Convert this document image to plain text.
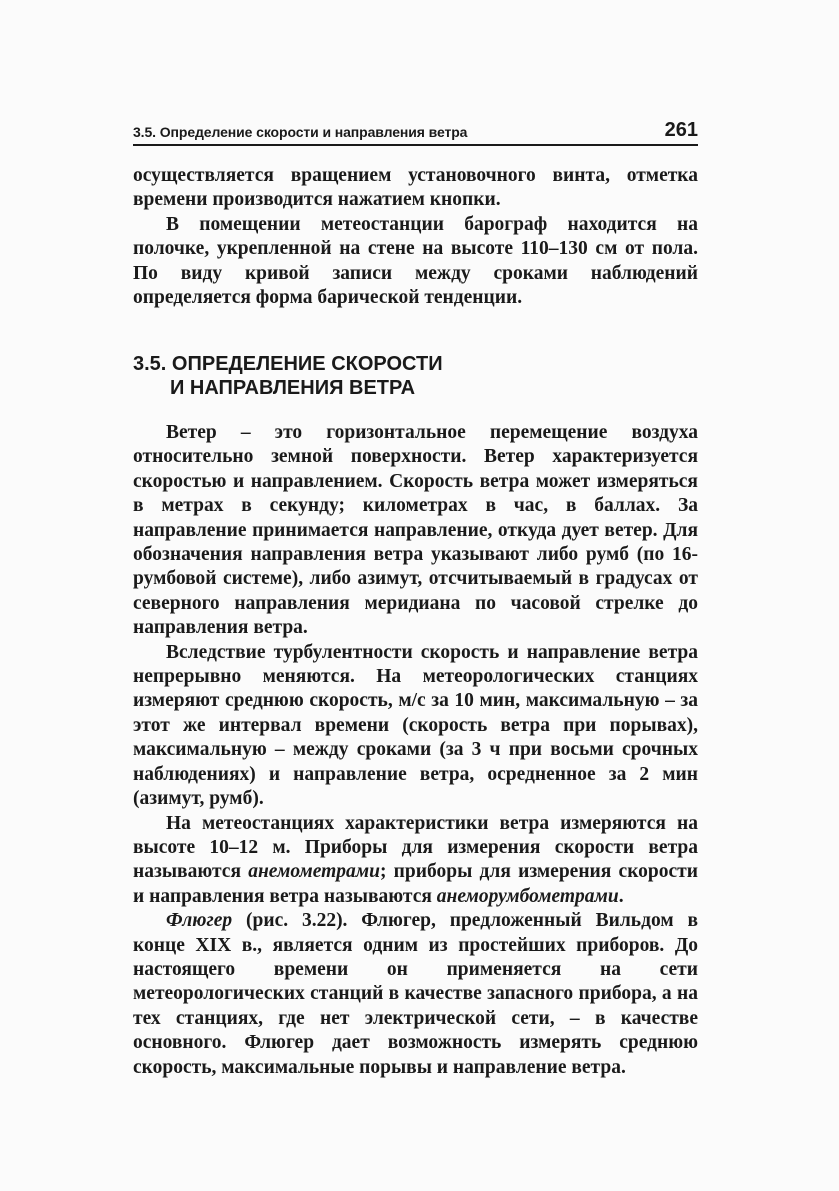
3.5. Определение скорости и направления ветра	261

осуществляется вращением установочного винта, отметка времени производится нажатием кнопки.

В помещении метеостанции барограф находится на полочке, укрепленной на стене на высоте 110–130 см от пола. По виду кривой записи между сроками наблюдений определяется форма барической тенденции.

3.5. ОПРЕДЕЛЕНИЕ СКОРОСТИ
И НАПРАВЛЕНИЯ ВЕТРА

Ветер – это горизонтальное перемещение воздуха относительно земной поверхности. Ветер характеризуется скоростью и направлением. Скорость ветра может измеряться в метрах в секунду; километрах в час, в баллах. За направление принимается направление, откуда дует ветер. Для обозначения направления ветра указывают либо румб (по 16-румбовой системе), либо азимут, отсчитываемый в градусах от северного направления меридиана по часовой стрелке до направления ветра.

Вследствие турбулентности скорость и направление ветра непрерывно меняются. На метеорологических станциях измеряют среднюю скорость, м/с за 10 мин, максимальную – за этот же интервал времени (скорость ветра при порывах), максимальную – между сроками (за 3 ч при восьми срочных наблюдениях) и направление ветра, осредненное за 2 мин (азимут, румб).

На метеостанциях характеристики ветра измеряются на высоте 10–12 м. Приборы для измерения скорости ветра называются анемометрами; приборы для измерения скорости и направления ветра называются анеморумбометрами.

Флюгер (рис. 3.22). Флюгер, предложенный Вильдом в конце XIX в., является одним из простейших приборов. До настоящего времени он применяется на сети метеорологических станций в качестве запасного прибора, а на тех станциях, где нет электрической сети, – в качестве основного. Флюгер дает возможность измерять среднюю скорость, максимальные порывы и направление ветра.
